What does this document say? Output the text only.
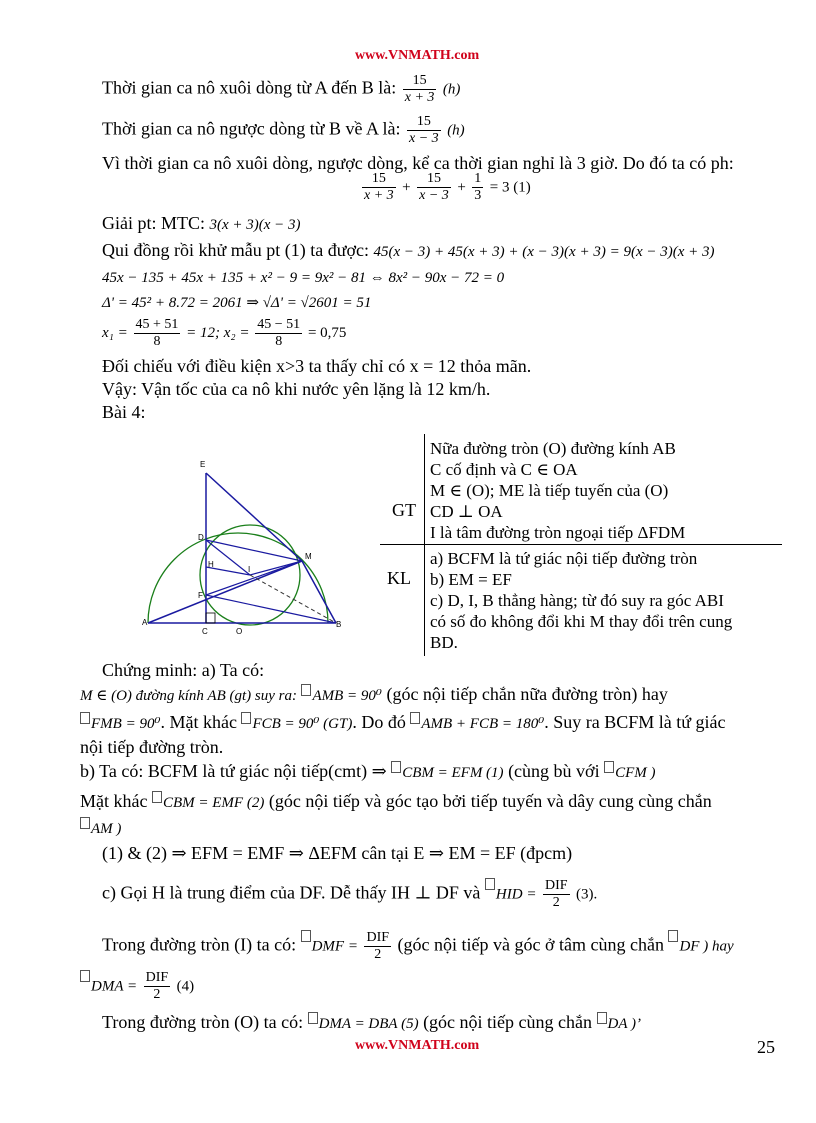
www.VNMATH.com
Thời gian ca nô xuôi dòng từ A đến B là: $\frac{15}{x + 3} (h)$
Thời gian ca nô ngược dòng từ B về A là: $\frac{15}{x - 3} (h)$
Vì thời gian ca nô xuôi dòng, ngược dòng, kể ca thời gian nghỉ là 3 giờ. Do đó ta có ph:
$\frac{15}{x + 3} + \frac{15}{x - 3} + \frac{1}{3} = 3$ (1)
Giải pt: MTC: 3(x + 3)(x − 3)
Qui đồng rồi khử mẫu pt (1) ta được: 45(x − 3) + 45(x + 3) + (x − 3)(x + 3) = 9(x − 3)(x + 3)
45x − 135 + 45x + 135 + x² − 9 = 9x² − 81 ⇔ 8x² − 90x − 72 = 0
Δ' = 45² + 8.72 = 2061 ⇒ √Δ' = √2601 = 51
$x_1 = \frac{45 + 51}{8} = 12$; $x_2 = \frac{45 - 51}{8} = 0,75$
Đối chiếu với điều kiện x>3 ta thấy chỉ có x = 12 thỏa mãn.
Vậy: Vận tốc của ca nô khi nước yên lặng là 12 km/h.
Bài 4:
E
D
M
H
I
F
A
C	O
B
GT
KL
Nữa đường tròn (O) đường kính AB
C cố định và C ∈ OA
M ∈ (O); ME là tiếp tuyến của (O)
CD ⊥ OA
I là tâm đường tròn ngoại tiếp ΔFDM
a) BCFM là tứ giác nội tiếp đường tròn
b) EM = EF
c) D, I, B thẳng hàng; từ đó suy ra góc ABI
có số đo không đổi khi M thay đổi trên cung
BD.
Chứng minh: a) Ta có:
M ∈ (O) đường kính AB (gt) suy ra: AMB = 90⁰ (góc nội tiếp chắn nữa đường tròn) hay
FMB = 90⁰. Mặt khác FCB = 90⁰ (GT). Do đó AMB + FCB = 180⁰. Suy ra BCFM là tứ giác
nội tiếp đường tròn.
b) Ta có: BCFM là tứ giác nội tiếp(cmt) ⇒ CBM = EFM (1) (cùng bù với CFM )
Mặt khác CBM = EMF (2) (góc nội tiếp và góc tạo bởi tiếp tuyến và dây cung cùng chắn
AM )
(1) & (2) ⇒ EFM = EMF ⇒ ΔEFM cân tại E ⇒ EM = EF (đpcm)
c) Gọi H là trung điểm của DF. Dễ thấy IH ⊥ DF và HID = $\frac{\text{DIF}}{2} (3)$.
Trong đường tròn (I) ta có: DMF = $\frac{\text{DIF}}{2}$ (góc nội tiếp và góc ở tâm cùng chắn DF ) hay
DMA = $\frac{\text{DIF}}{2} (4)$
Trong đường tròn (O) ta có: DMA = DBA (5) (góc nội tiếp cùng chắn DA )’
www.VNMATH.com	25
